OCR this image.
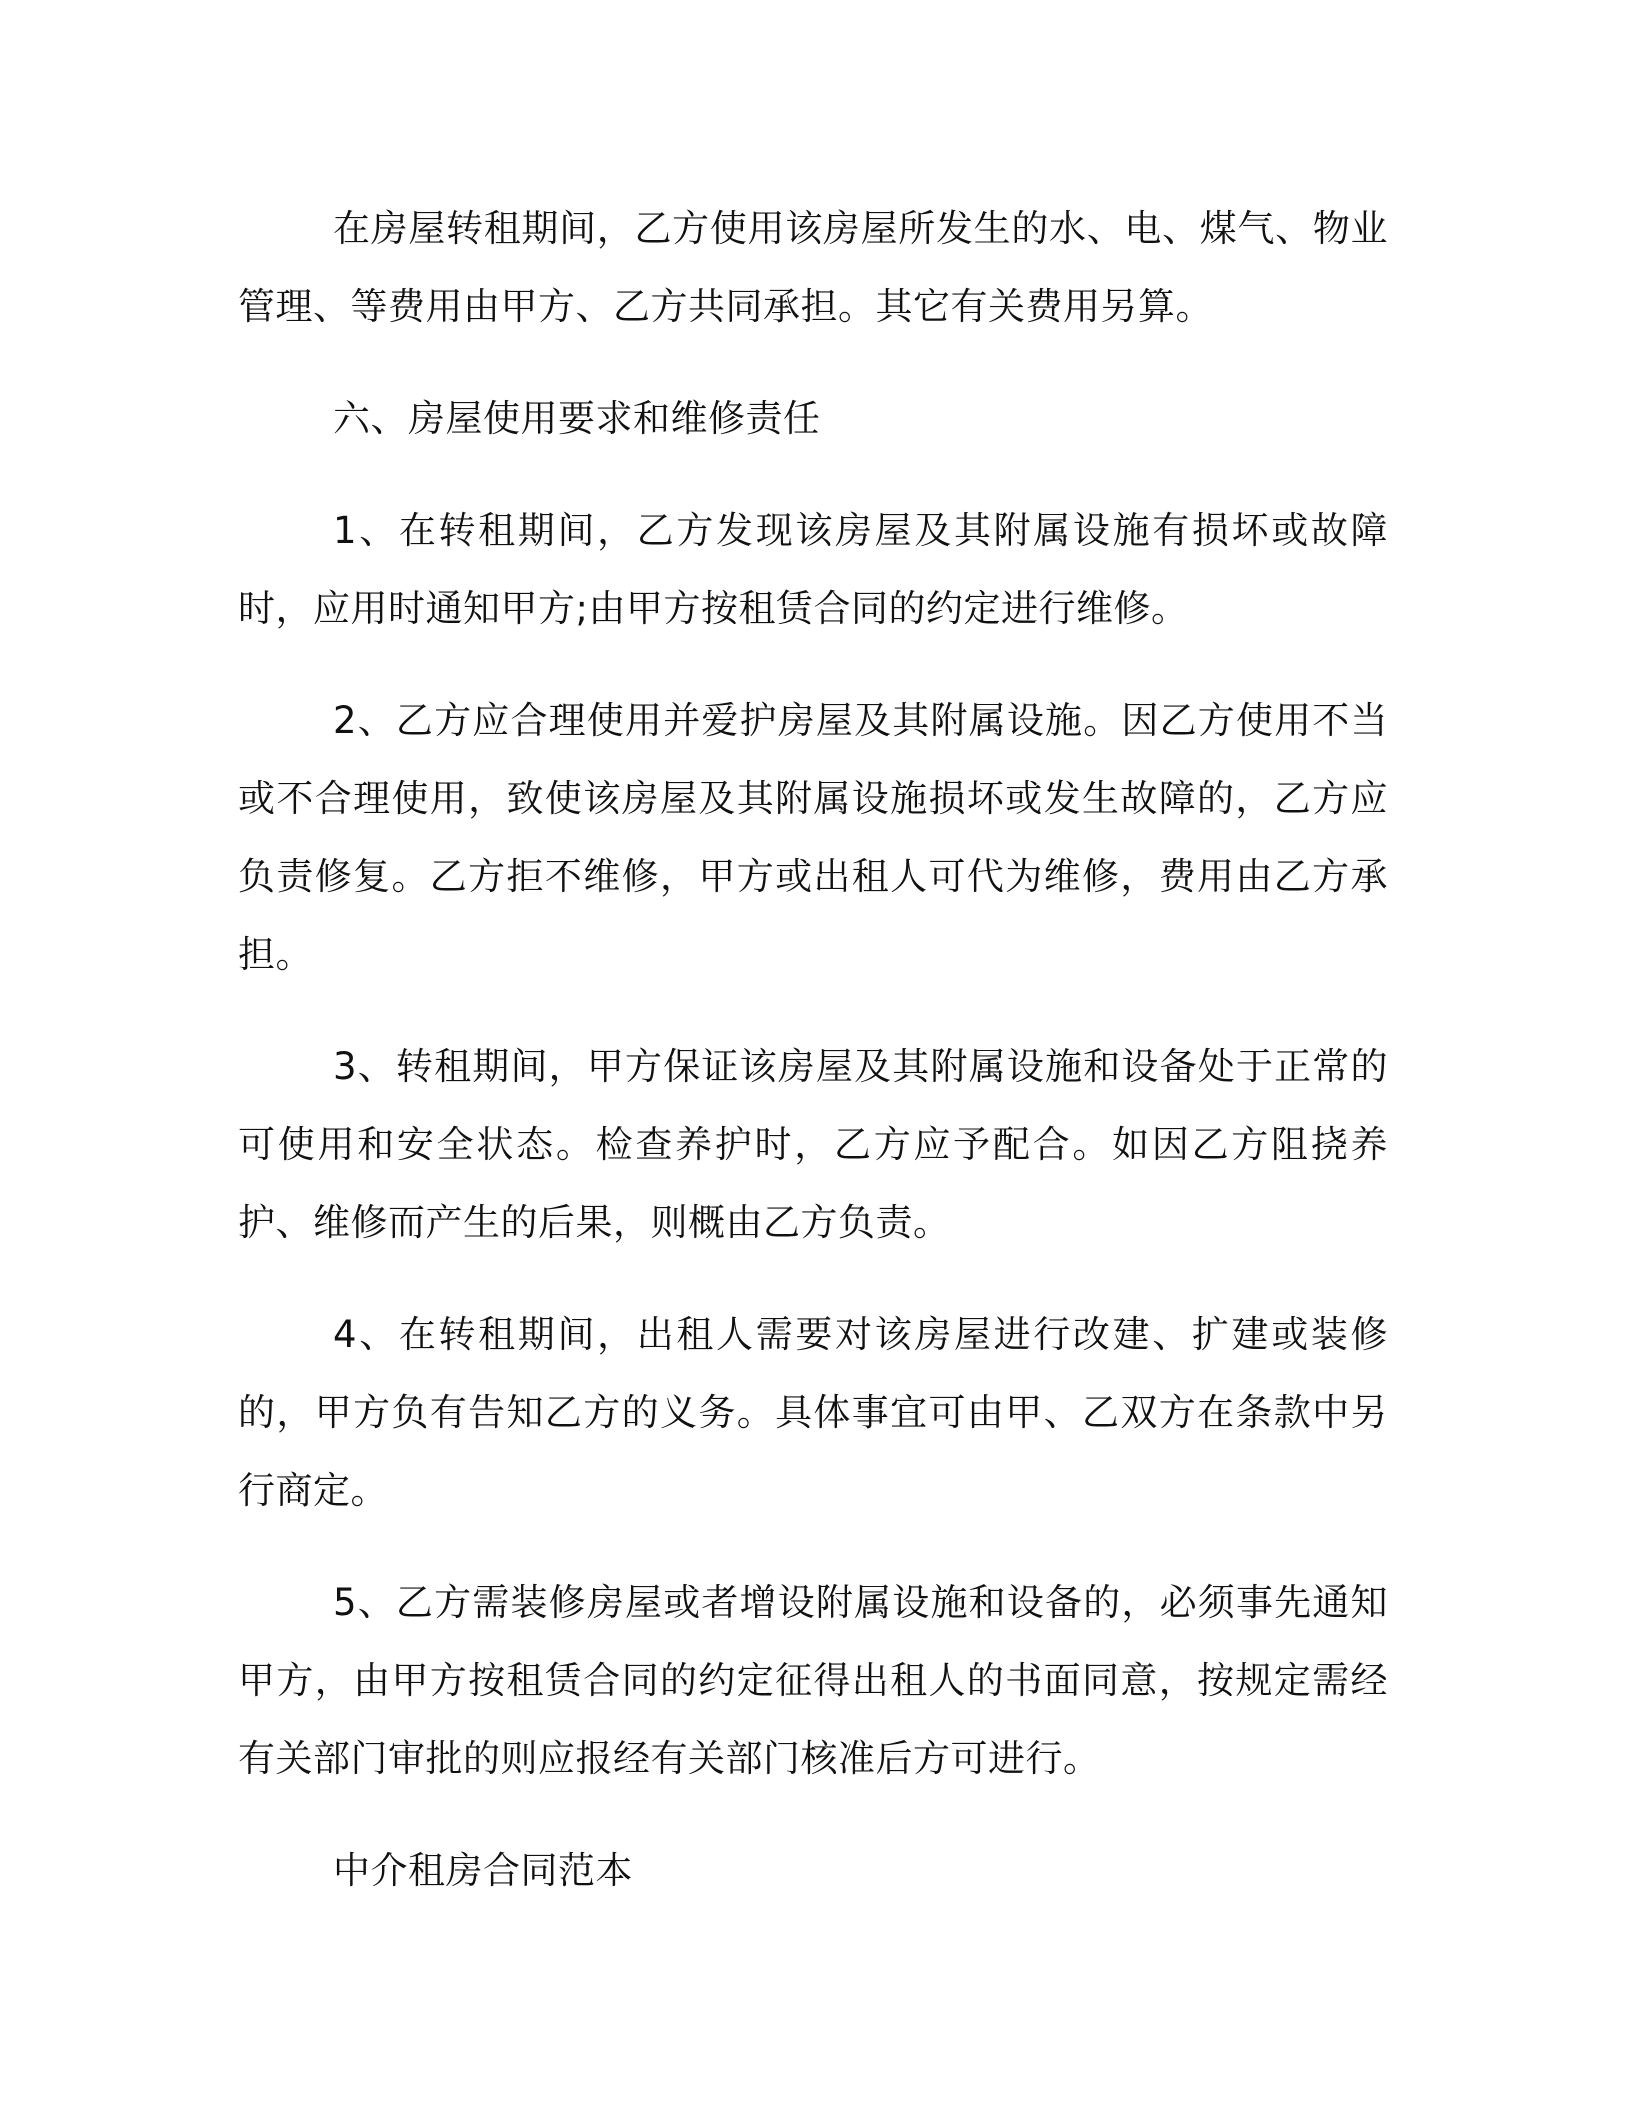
在房屋转租期间，乙方使用该房屋所发生的水、电、煤气、物业管理、等费用由甲方、乙方共同承担。其它有关费用另算。

六、房屋使用要求和维修责任

1、在转租期间，乙方发现该房屋及其附属设施有损坏或故障时，应用时通知甲方;由甲方按租赁合同的约定进行维修。

2、乙方应合理使用并爱护房屋及其附属设施。因乙方使用不当或不合理使用，致使该房屋及其附属设施损坏或发生故障的，乙方应负责修复。乙方拒不维修，甲方或出租人可代为维修，费用由乙方承担。

3、转租期间，甲方保证该房屋及其附属设施和设备处于正常的可使用和安全状态。检查养护时，乙方应予配合。如因乙方阻挠养护、维修而产生的后果，则概由乙方负责。

4、在转租期间，出租人需要对该房屋进行改建、扩建或装修的，甲方负有告知乙方的义务。具体事宜可由甲、乙双方在条款中另行商定。

5、乙方需装修房屋或者增设附属设施和设备的，必须事先通知甲方，由甲方按租赁合同的约定征得出租人的书面同意，按规定需经有关部门审批的则应报经有关部门核准后方可进行。

中介租房合同范本
